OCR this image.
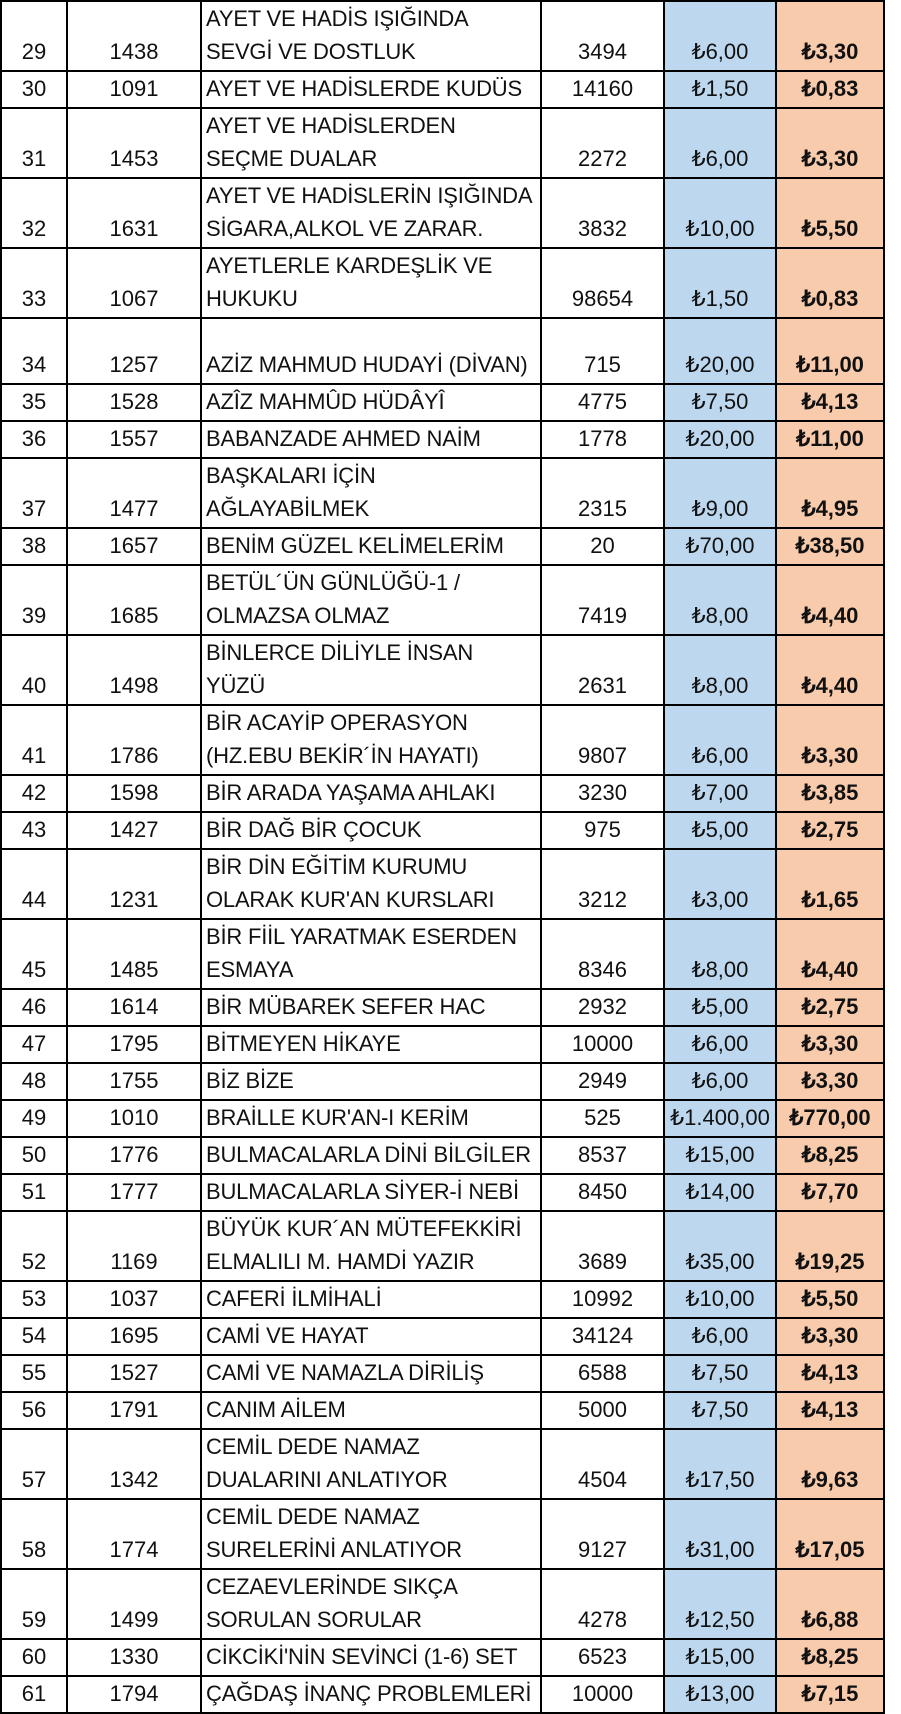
29	1438	AYET VE HADİS IŞIĞINDA SEVGİ VE DOSTLUK	3494	₺6,00	₺3,30
30	1091	AYET VE HADİSLERDE KUDÜS	14160	₺1,50	₺0,83
31	1453	AYET VE HADİSLERDEN SEÇME DUALAR	2272	₺6,00	₺3,30
32	1631	AYET VE HADİSLERİN IŞIĞINDA SİGARA,ALKOL VE ZARAR.	3832	₺10,00	₺5,50
33	1067	AYETLERLE KARDEŞLİK VE HUKUKU	98654	₺1,50	₺0,83
34	1257	AZİZ MAHMUD HUDAYİ (DİVAN)	715	₺20,00	₺11,00
35	1528	AZÎZ MAHMÛD HÜDÂYÎ	4775	₺7,50	₺4,13
36	1557	BABANZADE AHMED NAİM	1778	₺20,00	₺11,00
37	1477	BAŞKALARI İÇİN AĞLAYABİLMEK	2315	₺9,00	₺4,95
38	1657	BENİM GÜZEL KELİMELERİM	20	₺70,00	₺38,50
39	1685	BETÜL´ÜN GÜNLÜĞÜ-1 / OLMAZSA OLMAZ	7419	₺8,00	₺4,40
40	1498	BİNLERCE DİLİYLE İNSAN YÜZÜ	2631	₺8,00	₺4,40
41	1786	BİR ACAYİP OPERASYON (HZ.EBU BEKİR´İN HAYATI)	9807	₺6,00	₺3,30
42	1598	BİR ARADA YAŞAMA AHLAKI	3230	₺7,00	₺3,85
43	1427	BİR DAĞ BİR ÇOCUK	975	₺5,00	₺2,75
44	1231	BİR DİN EĞİTİM KURUMU OLARAK KUR'AN KURSLARI	3212	₺3,00	₺1,65
45	1485	BİR FİİL YARATMAK ESERDEN ESMAYA	8346	₺8,00	₺4,40
46	1614	BİR MÜBAREK SEFER HAC	2932	₺5,00	₺2,75
47	1795	BİTMEYEN HİKAYE	10000	₺6,00	₺3,30
48	1755	BİZ BİZE	2949	₺6,00	₺3,30
49	1010	BRAİLLE KUR'AN-I KERİM	525	₺1.400,00	₺770,00
50	1776	BULMACALARLA DİNİ BİLGİLER	8537	₺15,00	₺8,25
51	1777	BULMACALARLA SİYER-İ NEBİ	8450	₺14,00	₺7,70
52	1169	BÜYÜK KUR´AN MÜTEFEKKİRİ ELMALILI M. HAMDİ YAZIR	3689	₺35,00	₺19,25
53	1037	CAFERİ İLMİHALİ	10992	₺10,00	₺5,50
54	1695	CAMİ VE HAYAT	34124	₺6,00	₺3,30
55	1527	CAMİ VE NAMAZLA DİRİLİŞ	6588	₺7,50	₺4,13
56	1791	CANIM AİLEM	5000	₺7,50	₺4,13
57	1342	CEMİL DEDE NAMAZ DUALARINI ANLATIYOR	4504	₺17,50	₺9,63
58	1774	CEMİL DEDE NAMAZ SURELERİNİ ANLATIYOR	9127	₺31,00	₺17,05
59	1499	CEZAEVLERİNDE SIKÇA SORULAN SORULAR	4278	₺12,50	₺6,88
60	1330	CİKCİKİ'NİN SEVİNCİ (1-6) SET	6523	₺15,00	₺8,25
61	1794	ÇAĞDAŞ İNANÇ PROBLEMLERİ	10000	₺13,00	₺7,15
